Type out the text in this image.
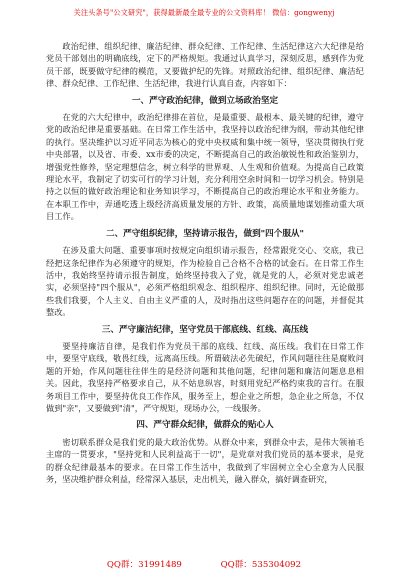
关注头条号"公文研究"，获得最新最全最专业的公文资料库！ 微信：gongwenyj

政治纪律、组织纪律、廉洁纪律、群众纪律、工作纪律、生活纪律这六大纪律是给党员干部划出的明确底线，定下的严格规矩。我通过认真学习，深刻反思，感到作为党员干部，既要做守纪律的模范，又要做护纪的先锋。对照政治纪律、组织纪律、廉洁纪律、群众纪律、工作纪律、生活纪律，我进行认真自查，内容如下：

一、严守政治纪律，做到立场政治坚定

在党的六大纪律中，政治纪律排在首位，是最重要、最根本、最关键的纪律，遵守党的政治纪律是重要基础。在日常工作生活中，我坚持以政治纪律为纲，带动其他纪律的执行。坚决维护以习近平同志为核心的党中央权威和集中统一领导，坚决贯彻执行党中央部署，以及省、市委、xx市委的决定，不断提高自己的政治敏锐性和政治鉴别力，增强党性修养，坚定理想信念，树立科学的世界观、人生观和价值观。为提高自己政策理论水平，我制定了切实可行的学习计划，充分利用空余时间和一切学习机会。特别是持之以恒的做好政治理论和业务知识学习，不断提高自己的政治理论水平和业务能力。在本职工作中，弄通吃透上级经济高质量发展的方针、政策，高质量地谋划推动重大项目工作。

二、严守组织纪律，坚持请示报告，做到"四个服从"

在涉及重大问题、重要事项时按规定向组织请示报告，经常跟党交心、交底，我已经把这条纪律作为必须遵守的规矩，作为检验自己合格不合格的试金石。在日常工作生活中，我始终坚持请示报告制度，始终坚持我入了党，就是党的人，必须对党忠诚老实，必须坚持"四个服从"，必须严格组织观念、组织程序、组织纪律。同时，无论做那些我们我要，个人主义、自由主义严重的人，及时指出这些问题存在的问题，并督促其整改。

三、严守廉洁纪律，坚守党员干部底线、红线、高压线

要坚持廉洁自律，是我们作为党员干部的底线、红线、高压线。我们在日常工作中，要坚守底线，敬畏红线，远离高压线。所谓破法必先破纪，作风问题往往是腐败问题的开始，作风问题往往伴生的是经济问题和其他问题，纪律问题和廉洁问题息息相关。因此，我坚持严格要求自己，从不姑息纵容，时刻用党纪严格约束我的言行。在服务项目工作中，要坚持优良工作作风，服务至上，想企业之所想，急企业之所急，不仅做到"亲"，又要做到"清"，严守规矩，现场办公，一线服务。

四、严守群众纪律，做群众的贴心人

密切联系群众是我们党的最大政治优势。从群众中来，到群众中去，是伟大领袖毛主席的一贯要求，"坚持党和人民利益高于一切"，是党章对我们党员的基本要求，是党的群众纪律最基本的要求。在日常工作生活中，我做到了牢固树立全心全意为人民服务，坚决维护群众利益，经常深入基层，走出机关，融入群众，搞好调查研究，

QQ群：31991489	QQ群：535304092
